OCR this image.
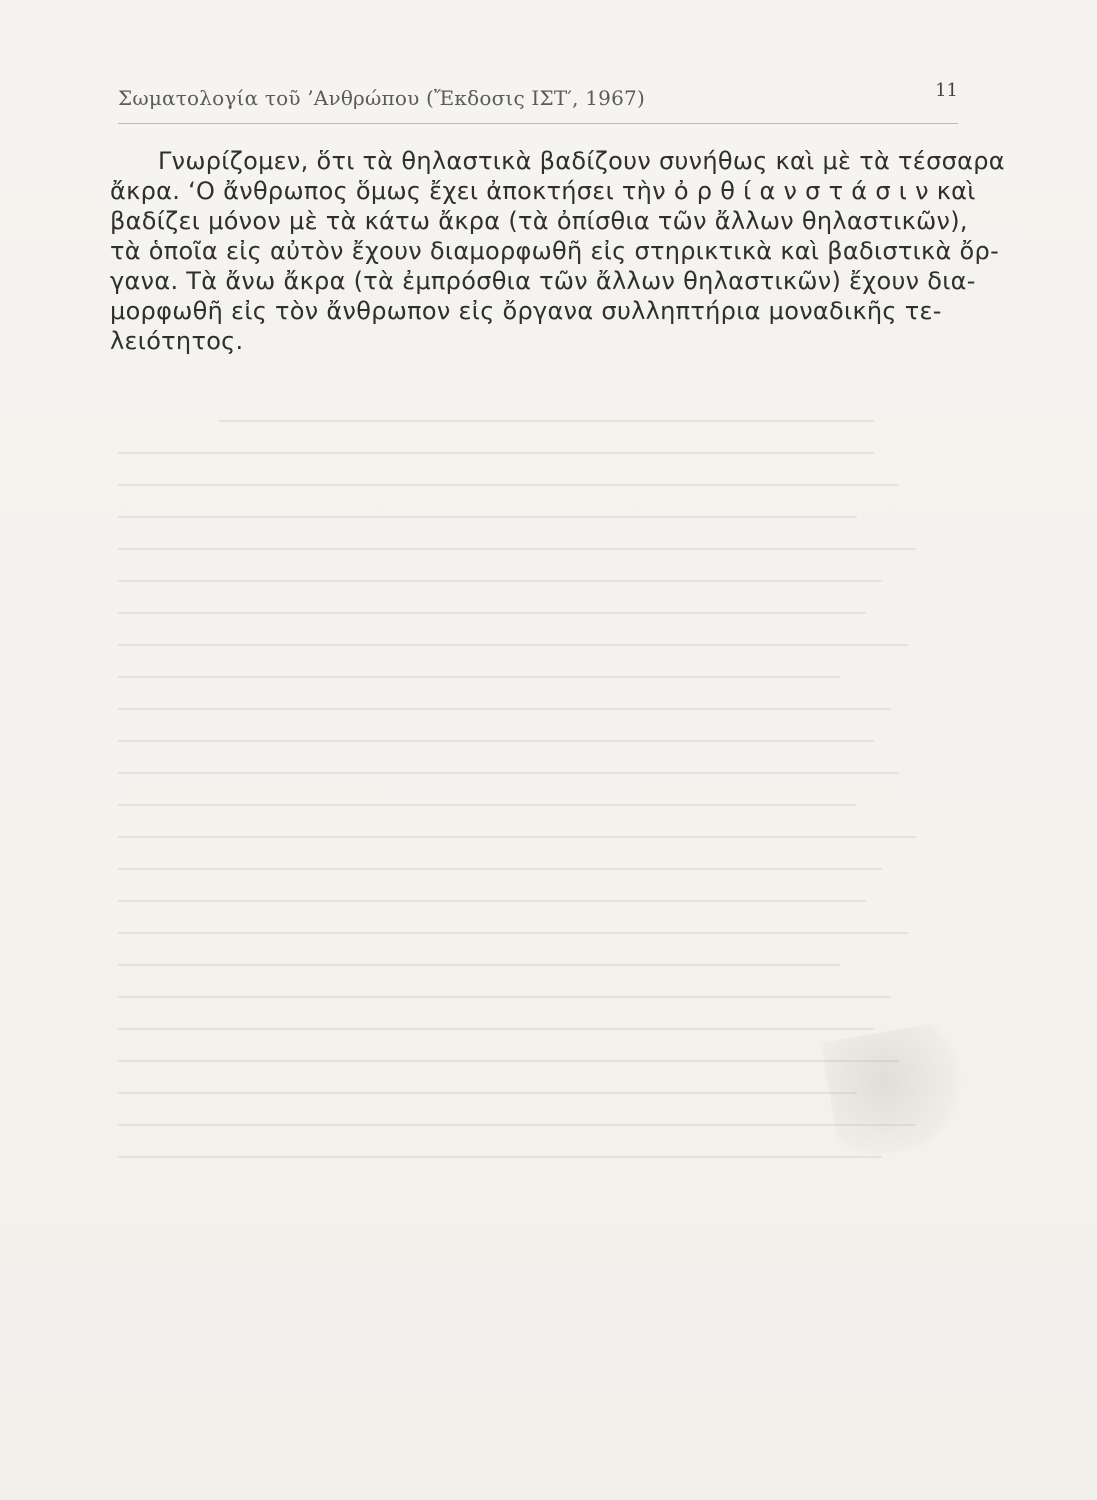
Σωματολογία τοῦ ’Ανθρώπου (Ἔκδοσις ΙΣΤ′, 1967)	11
Γνωρίζομεν, ὅτι τὰ θηλαστικὰ βαδίζουν συνήθως καὶ μὲ τὰ τέσσαρα
ἄκρα. ‘Ο ἄνθρωπος ὅμως ἔχει ἀποκτήσει τὴν ὀ ρ θ ί α ν σ τ ά σ ι ν καὶ
βαδίζει μόνον μὲ τὰ κάτω ἄκρα (τὰ ὀπίσθια τῶν ἄλλων θηλαστικῶν),
τὰ ὁποῖα εἰς αὐτὸν ἔχουν διαμορφωθῆ εἰς στηρικτικὰ καὶ βαδιστικὰ ὄρ-
γανα. Τὰ ἄνω ἄκρα (τὰ ἐμπρόσθια τῶν ἄλλων θηλαστικῶν) ἔχουν δια-
μορφωθῆ εἰς τὸν ἄνθρωπον εἰς ὄργανα συλληπτήρια μοναδικῆς τε-
λειότητος.
